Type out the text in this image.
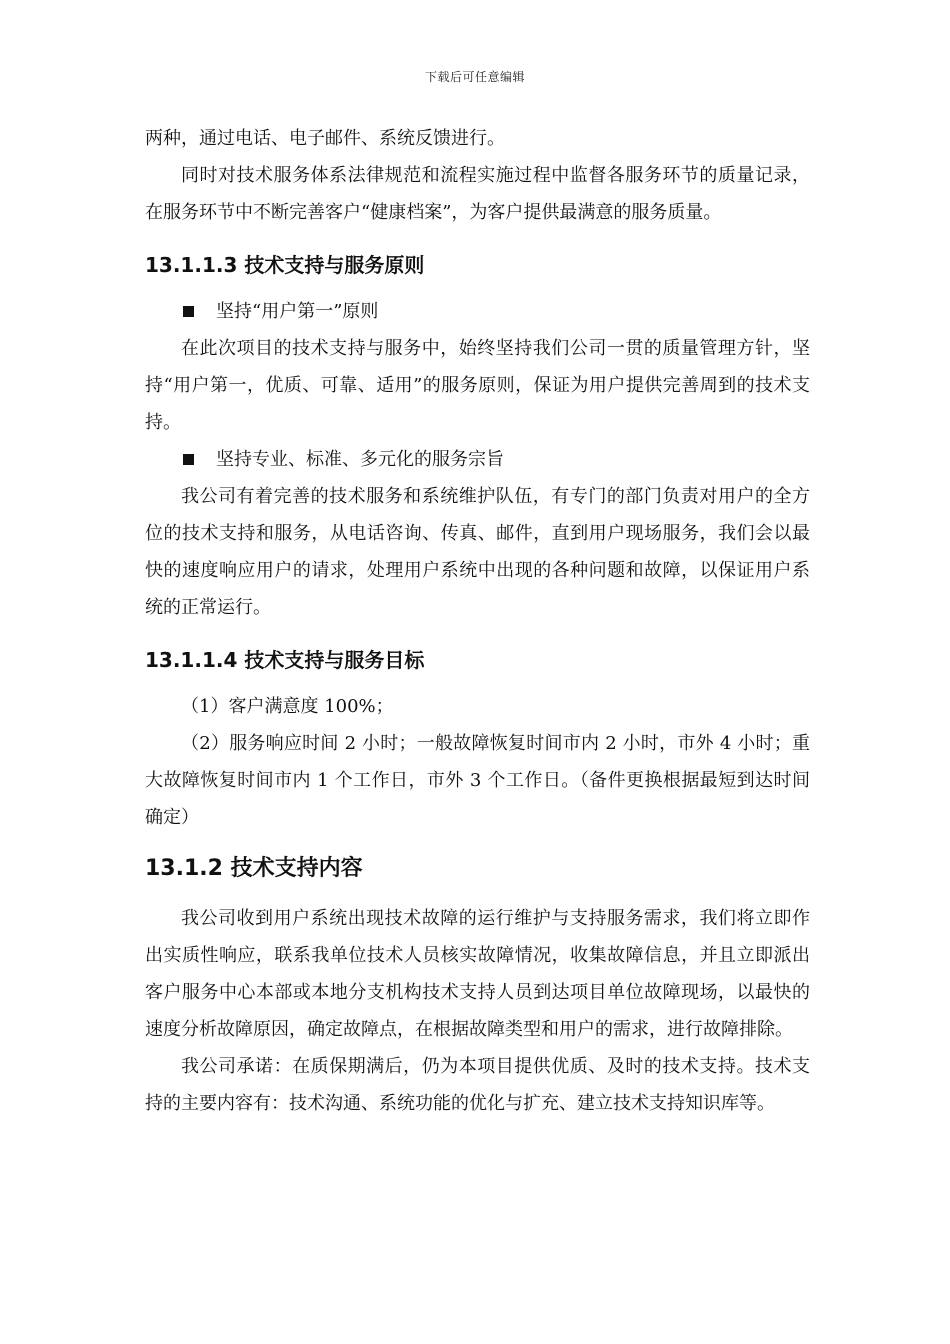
下载后可任意编辑

两种，通过电话、电子邮件、系统反馈进行。

同时对技术服务体系法律规范和流程实施过程中监督各服务环节的质量记录，在服务环节中不断完善客户“健康档案”，为客户提供最满意的服务质量。

13.1.1.3 技术支持与服务原则
坚持“用户第一”原则

在此次项目的技术支持与服务中，始终坚持我们公司一贯的质量管理方针，坚持“用户第一，优质、可靠、适用”的服务原则，保证为用户提供完善周到的技术支持。

坚持专业、标准、多元化的服务宗旨

我公司有着完善的技术服务和系统维护队伍，有专门的部门负责对用户的全方位的技术支持和服务，从电话咨询、传真、邮件，直到用户现场服务，我们会以最快的速度响应用户的请求，处理用户系统中出现的各种问题和故障，以保证用户系统的正常运行。

13.1.1.4 技术支持与服务目标

（1）客户满意度 100%；

（2）服务响应时间 2 小时；一般故障恢复时间市内 2 小时，市外 4 小时；重大故障恢复时间市内 1 个工作日，市外 3 个工作日。（备件更换根据最短到达时间确定）

13.1.2 技术支持内容

我公司收到用户系统出现技术故障的运行维护与支持服务需求，我们将立即作出实质性响应，联系我单位技术人员核实故障情况，收集故障信息，并且立即派出客户服务中心本部或本地分支机构技术支持人员到达项目单位故障现场，以最快的速度分析故障原因，确定故障点，在根据故障类型和用户的需求，进行故障排除。

我公司承诺：在质保期满后，仍为本项目提供优质、及时的技术支持。技术支持的主要内容有：技术沟通、系统功能的优化与扩充、建立技术支持知识库等。
